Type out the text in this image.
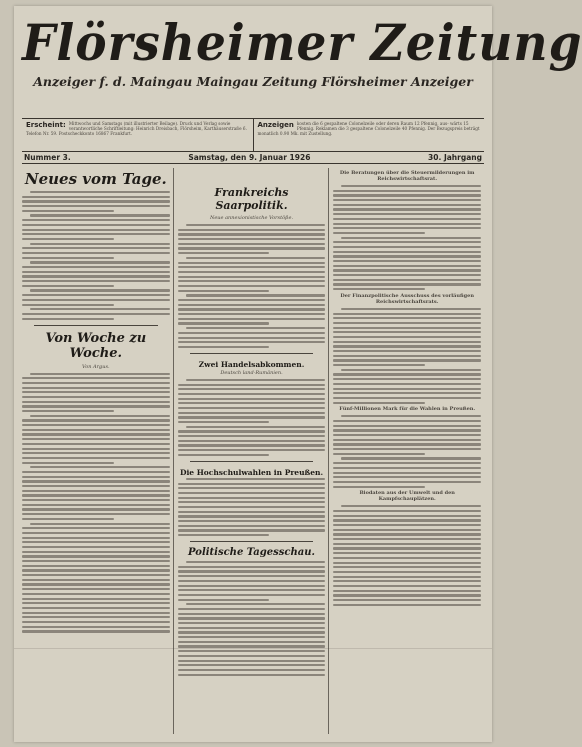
Flörsheimer Zeitung
Anzeiger f. d. Maingau Maingau Zeitung Flörsheimer Anzeiger
Erscheint: Mittwochs und Samstags (mit illustrierter Beilage). Druck und Verlag sowie verantwortliche Schriftleitung: Heinrich Dreisbach, Flörsheim, Karthäuserstraße 6. Telefon Nr. 59. Postscheckkonto 16867 Frankfurt.
Anzeigen kosten die 6 gespaltene Colonelzeile oder deren Raum 12 Pfennig, aus- wärts 15 Pfennig. Reklamen die 3 gespaltene Colonelzeile 40 Pfennig. Der Bezugspreis beträgt monatlich 0.90 Mk. mit Zustellung.
Nummer 3.	Samstag, den 9. Januar 1926	30. Jahrgang
Neues vom Tage.
Von Woche zu Woche.
Von Argus.
Frankreichs Saarpolitik.
Neue annexionistische Vorstöße.
Zwei Handelsabkommen.
Deutsch land-Rumänien.
Die Hochschulwahlen in Preußen.
Politische Tagesschau.
Die Beratungen über die Steuermilderungen im Reichswirtschaftsrat.
Der Finanzpolitische Ausschuss des vorläufigen Reichswirtschaftsrats.
Fünf-Millionen Mark für die Wahlen in Preußen.
Biodaten aus der Umwelt und den Kampfschauplätzen.
